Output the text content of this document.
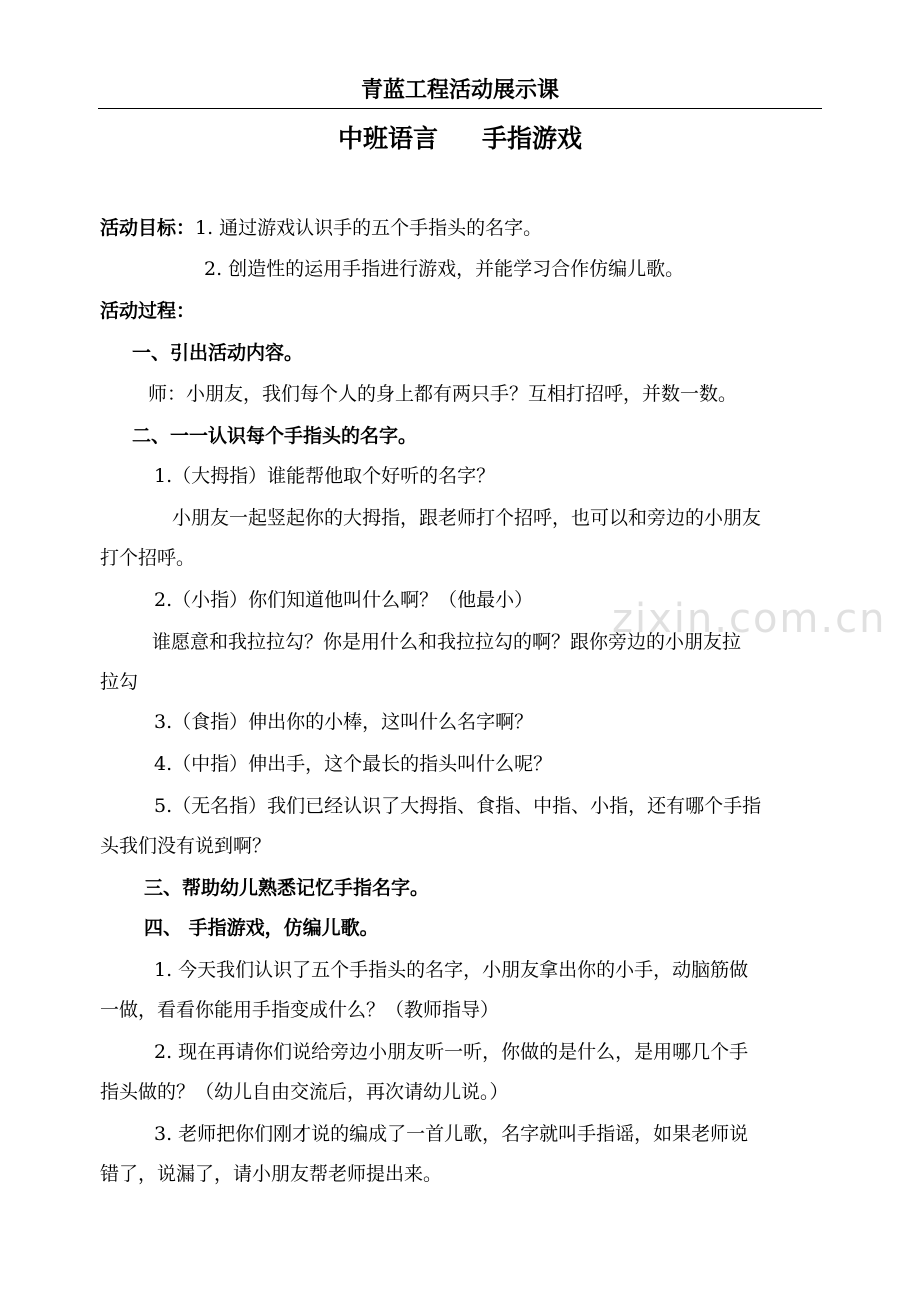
zixin.com.cn
青蓝工程活动展示课
中班语言 手指游戏
活动目标：1. 通过游戏认识手的五个手指头的名字。
2. 创造性的运用手指进行游戏，并能学习合作仿编儿歌。
活动过程：
一、引出活动内容。
师：小朋友，我们每个人的身上都有两只手？互相打招呼，并数一数。
二、一一认识每个手指头的名字。
1.（大拇指）谁能帮他取个好听的名字？
小朋友一起竖起你的大拇指，跟老师打个招呼，也可以和旁边的小朋友
打个招呼。
2.（小指）你们知道他叫什么啊？（他最小）
谁愿意和我拉拉勾？你是用什么和我拉拉勾的啊？跟你旁边的小朋友拉
拉勾
3.（食指）伸出你的小棒，这叫什么名字啊？
4.（中指）伸出手，这个最长的指头叫什么呢？
5.（无名指）我们已经认识了大拇指、食指、中指、小指，还有哪个手指
头我们没有说到啊？
三、帮助幼儿熟悉记忆手指名字。
四、 手指游戏，仿编儿歌。
1. 今天我们认识了五个手指头的名字，小朋友拿出你的小手，动脑筋做
一做，看看你能用手指变成什么？（教师指导）
2. 现在再请你们说给旁边小朋友听一听，你做的是什么，是用哪几个手
指头做的？（幼儿自由交流后，再次请幼儿说。）
3. 老师把你们刚才说的编成了一首儿歌，名字就叫手指谣，如果老师说
错了，说漏了，请小朋友帮老师提出来。
